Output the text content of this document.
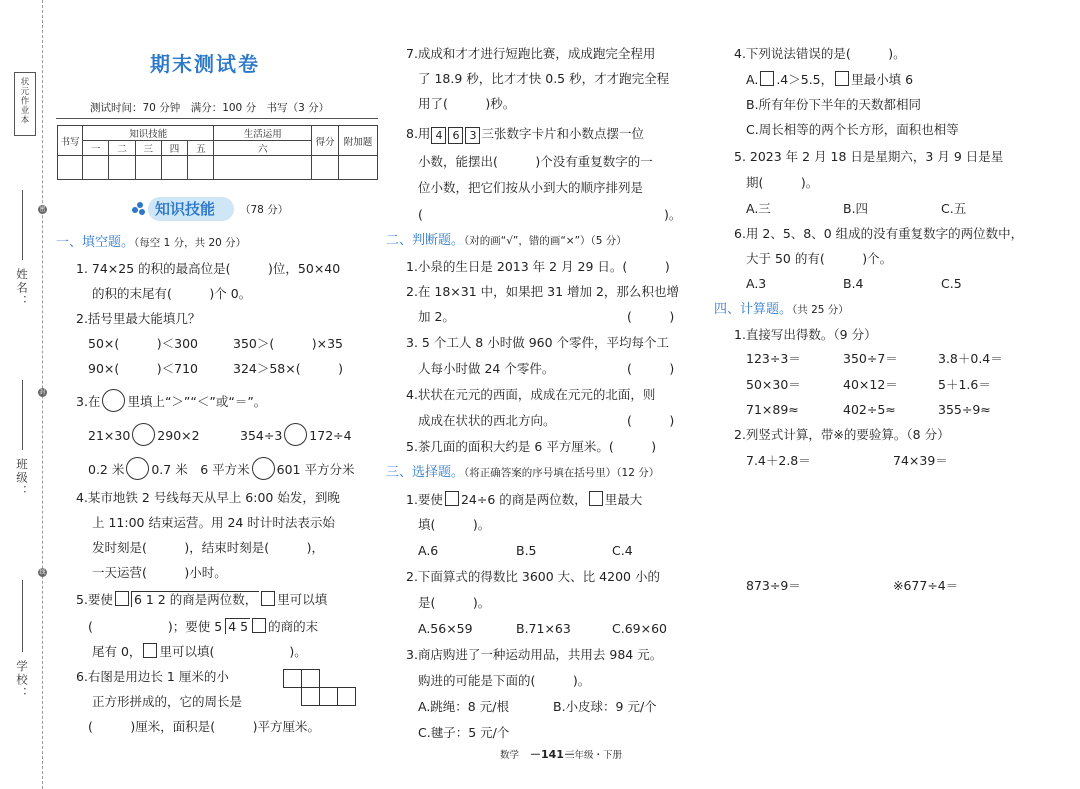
状元作业本
姓名：
班级：
学校：
密
封
线
期末测试卷
测试时间：70 分钟　满分：100 分　书写（3 分）
书写	知识技能					生活运用	得分	附加题
	一	二	三	四	五	六		

知识技能 （78 分）
一、填空题。（每空 1 分，共 20 分）
1. 74×25 的积的最高位是(　　　)位，50×40
的积的末尾有(　　　)个 0。
2.括号里最大能填几？
50×(　　　)＜300	350＞(　　　)×35
90×(　　　)＜710	324＞58×(　　　)
3.在 里填上“＞”“＜”或“＝”。
21×30 290×2	354÷3 172÷4
0.2 米 0.7 米　6 平方米 601 平方分米
4.某市地铁 2 号线每天从早上 6:00 始发，到晚
上 11:00 结束运营。用 24 时计时法表示始
发时刻是(　　　)，结束时刻是(　　　)，
一天运营(　　　)小时。
5.要使 6 1 2 的商是两位数， 里可以填
(　　　　　　)；要使 5 4 5 的商的末
尾有 0， 里可以填(　　　　　　)。
6.右图是用边长 1 厘米的小
正方形拼成的，它的周长是
(　　　)厘米，面积是(　　　)平方厘米。
7.成成和才才进行短跑比赛，成成跑完全程用
了 18.9 秒，比才才快 0.5 秒，才才跑完全程
用了(　　　)秒。
8.用 4 6 3 三张数字卡片和小数点摆一位
小数，能摆出(　　　)个没有重复数字的一
位小数，把它们按从小到大的顺序排列是
(	)。
二、判断题。（对的画“√”，错的画“×”）（5 分）
1.小泉的生日是 2013 年 2 月 29 日。(　　　)
2.在 18×31 中，如果把 31 增加 2，那么积也增
加 2。	(　　　)
3. 5 个工人 8 小时做 960 个零件，平均每个工
人每小时做 24 个零件。	(　　　)
4.状状在元元的西面，成成在元元的北面，则
成成在状状的西北方向。	(　　　)
5.茶几面的面积大约是 6 平方厘米。(　　　)
三、选择题。（将正确答案的序号填在括号里）（12 分）
1.要使 24÷6 的商是两位数， 里最大
填(　　　)。
A.6	B.5	C.4
2.下面算式的得数比 3600 大、比 4200 小的
是(　　　)。
A.56×59	B.71×63	C.69×60
3.商店购进了一种运动用品，共用去 984 元。
购进的可能是下面的(　　　)。
A.跳绳：8 元/根	B.小皮球：9 元/个
C.毽子：5 元/个
4.下列说法错误的是(　　　)。
A. .4＞5.5， 里最小填 6
B.所有年份下半年的天数都相同
C.周长相等的两个长方形，面积也相等
5. 2023 年 2 月 18 日是星期六，3 月 9 日是星
期(　　　)。
A.三	B.四	C.五
6.用 2、5、8、0 组成的没有重复数字的两位数中，
大于 50 的有(　　　)个。
A.3	B.4	C.5
四、计算题。（共 25 分）
1.直接写出得数。（9 分）
123÷3＝	350÷7＝	3.8＋0.4＝
50×30＝	40×12＝	5＋1.6＝
71×89≈	402÷5≈	355÷9≈
2.列竖式计算，带※的要验算。（8 分）
7.4＋2.8＝	74×39＝
873÷9＝	※677÷4＝
数学 －141－
三年级・下册
